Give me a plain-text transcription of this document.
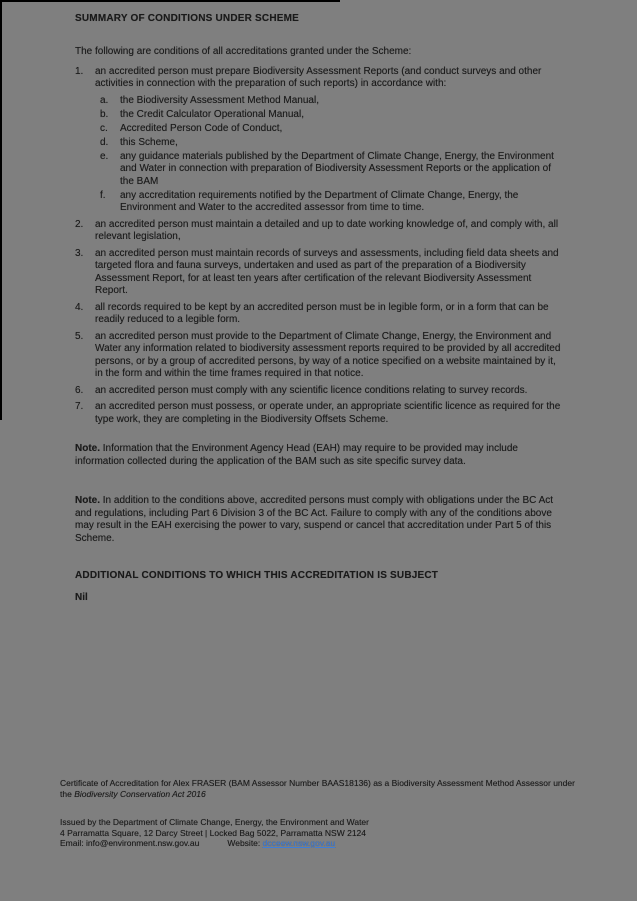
SUMMARY OF CONDITIONS UNDER SCHEME

The following are conditions of all accreditations granted under the Scheme:

1.	an accredited person must prepare Biodiversity Assessment Reports (and conduct surveys and other activities in connection with the preparation of such reports) in accordance with:
a.	the Biodiversity Assessment Method Manual,
b.	the Credit Calculator Operational Manual,
c.	Accredited Person Code of Conduct,
d.	this Scheme,
e.	any guidance materials published by the Department of Climate Change, Energy, the Environment and Water in connection with preparation of Biodiversity Assessment Reports or the application of the BAM
f.	any accreditation requirements notified by the Department of Climate Change, Energy, the Environment and Water to the accredited assessor from time to time.
2.	an accredited person must maintain a detailed and up to date working knowledge of, and comply with, all relevant legislation,
3.	an accredited person must maintain records of surveys and assessments, including field data sheets and targeted flora and fauna surveys, undertaken and used as part of the preparation of a Biodiversity Assessment Report, for at least ten years after certification of the relevant Biodiversity Assessment Report.
4.	all records required to be kept by an accredited person must be in legible form, or in a form that can be readily reduced to a legible form.
5.	an accredited person must provide to the Department of Climate Change, Energy, the Environment and Water any information related to biodiversity assessment reports required to be provided by all accredited persons, or by a group of accredited persons, by way of a notice specified on a website maintained by it, in the form and within the time frames required in that notice.
6.	an accredited person must comply with any scientific licence conditions relating to survey records.
7.	an accredited person must possess, or operate under, an appropriate scientific licence as required for the type work, they are completing in the Biodiversity Offsets Scheme.

Note. Information that the Environment Agency Head (EAH) may require to be provided may include information collected during the application of the BAM such as site specific survey data.

Note. In addition to the conditions above, accredited persons must comply with obligations under the BC Act and regulations, including Part 6 Division 3 of the BC Act. Failure to comply with any of the conditions above may result in the EAH exercising the power to vary, suspend or cancel that accreditation under Part 5 of this Scheme.

ADDITIONAL CONDITIONS TO WHICH THIS ACCREDITATION IS SUBJECT

Nil

Certificate of Accreditation for Alex FRASER (BAM Assessor Number BAAS18136) as a Biodiversity Assessment Method Assessor under the Biodiversity Conservation Act 2016

Issued by the Department of Climate Change, Energy, the Environment and Water

4 Parramatta Square, 12 Darcy Street | Locked Bag 5022, Parramatta NSW 2124

Email: info@environment.nsw.gov.au	Website: dcceew.nsw.gov.au
